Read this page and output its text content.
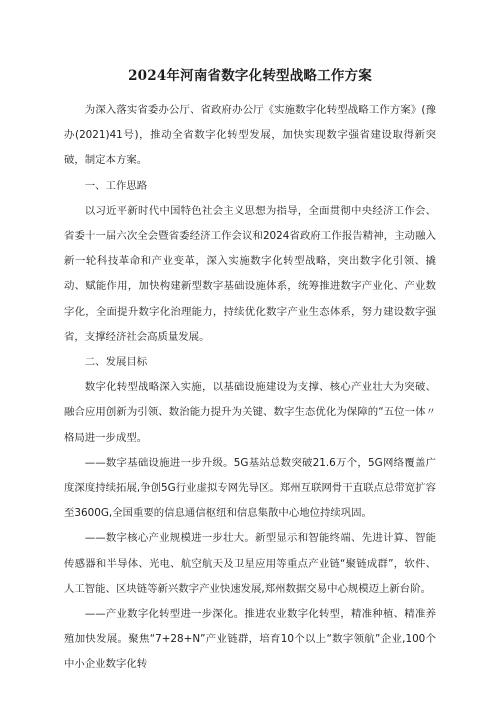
2024年河南省数字化转型战略工作方案

为深入落实省委办公厅、省政府办公厅《实施数字化转型战略工作方案》(豫办(2021)41号)，推动全省数字化转型发展，加快实现数字强省建设取得新突破，制定本方案。

一、工作思路

以习近平新时代中国特色社会主义思想为指导，全面贯彻中央经济工作会、省委十一届六次全会暨省委经济工作会议和2024省政府工作报告精神，主动融入新一轮科技革命和产业变革，深入实施数字化转型战略，突出数字化引领、撬动、赋能作用，加快构建新型数字基础设施体系，统筹推进数字产业化、产业数字化，全面提升数字化治理能力，持续优化数字产业生态体系，努力建设数字强省，支撑经济社会高质量发展。

二、发展目标

数字化转型战略深入实施，以基础设施建设为支撑、核心产业壮大为突破、融合应用创新为引领、数治能力提升为关键、数字生态优化为保障的“五位一体〃格局进一步成型。

——数字基础设施进一步升级。5G基站总数突破21.6万个，5G网络覆盖广度深度持续拓展,争创5G行业虚拟专网先导区。郑州互联网骨干直联点总带宽扩容至3600G,全国重要的信息通信枢纽和信息集散中心地位持续巩固。

——数字核心产业规模进一步壮大。新型显示和智能终端、先进计算、智能传感器和半导体、光电、航空航天及卫星应用等重点产业链“聚链成群”，软件、人工智能、区块链等新兴数字产业快速发展,郑州数据交易中心规模迈上新台阶。

——产业数字化转型进一步深化。推进农业数字化转型，精准种植、精准养殖加快发展。聚焦“7+28+N”产业链群，培育10个以上“数字领航”企业,100个中小企业数字化转
